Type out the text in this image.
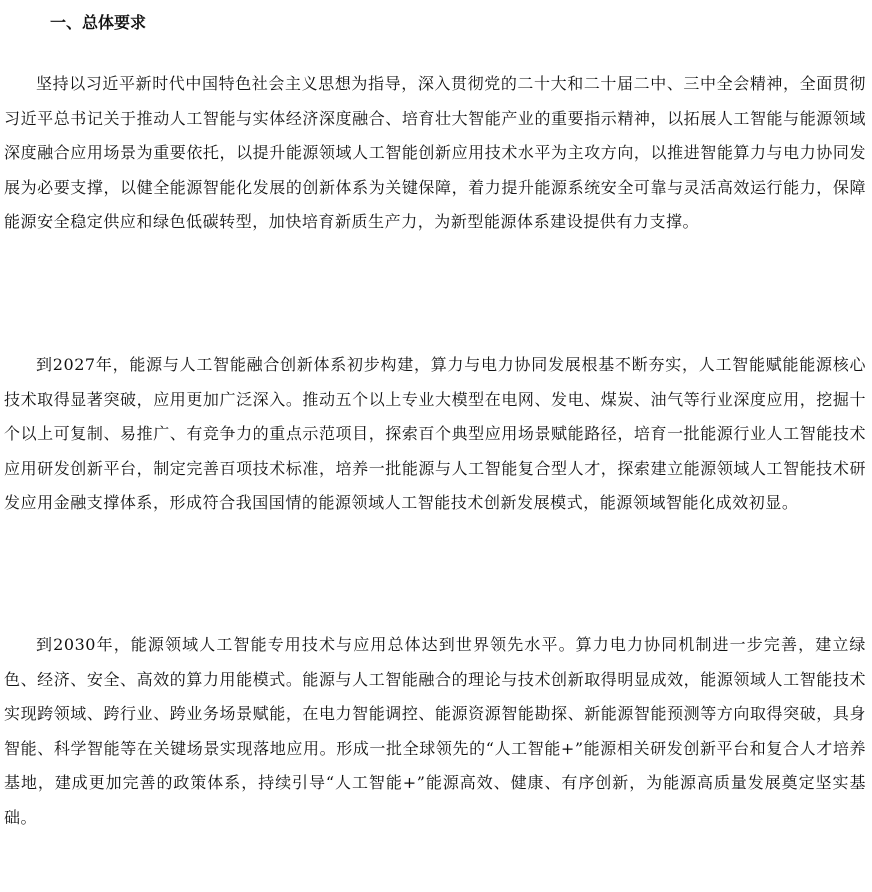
一、总体要求

坚持以习近平新时代中国特色社会主义思想为指导，深入贯彻党的二十大和二十届二中、三中全会精神，全面贯彻习近平总书记关于推动人工智能与实体经济深度融合、培育壮大智能产业的重要指示精神，以拓展人工智能与能源领域深度融合应用场景为重要依托，以提升能源领域人工智能创新应用技术水平为主攻方向，以推进智能算力与电力协同发展为必要支撑，以健全能源智能化发展的创新体系为关键保障，着力提升能源系统安全可靠与灵活高效运行能力，保障能源安全稳定供应和绿色低碳转型，加快培育新质生产力，为新型能源体系建设提供有力支撑。

到2027年，能源与人工智能融合创新体系初步构建，算力与电力协同发展根基不断夯实，人工智能赋能能源核心技术取得显著突破，应用更加广泛深入。推动五个以上专业大模型在电网、发电、煤炭、油气等行业深度应用，挖掘十个以上可复制、易推广、有竞争力的重点示范项目，探索百个典型应用场景赋能路径，培育一批能源行业人工智能技术应用研发创新平台，制定完善百项技术标准，培养一批能源与人工智能复合型人才，探索建立能源领域人工智能技术研发应用金融支撑体系，形成符合我国国情的能源领域人工智能技术创新发展模式，能源领域智能化成效初显。

到2030年，能源领域人工智能专用技术与应用总体达到世界领先水平。算力电力协同机制进一步完善，建立绿色、经济、安全、高效的算力用能模式。能源与人工智能融合的理论与技术创新取得明显成效，能源领域人工智能技术实现跨领域、跨行业、跨业务场景赋能，在电力智能调控、能源资源智能勘探、新能源智能预测等方向取得突破，具身智能、科学智能等在关键场景实现落地应用。形成一批全球领先的“人工智能+”能源相关研发创新平台和复合人才培养基地，建成更加完善的政策体系，持续引导“人工智能+”能源高效、健康、有序创新，为能源高质量发展奠定坚实基础。
